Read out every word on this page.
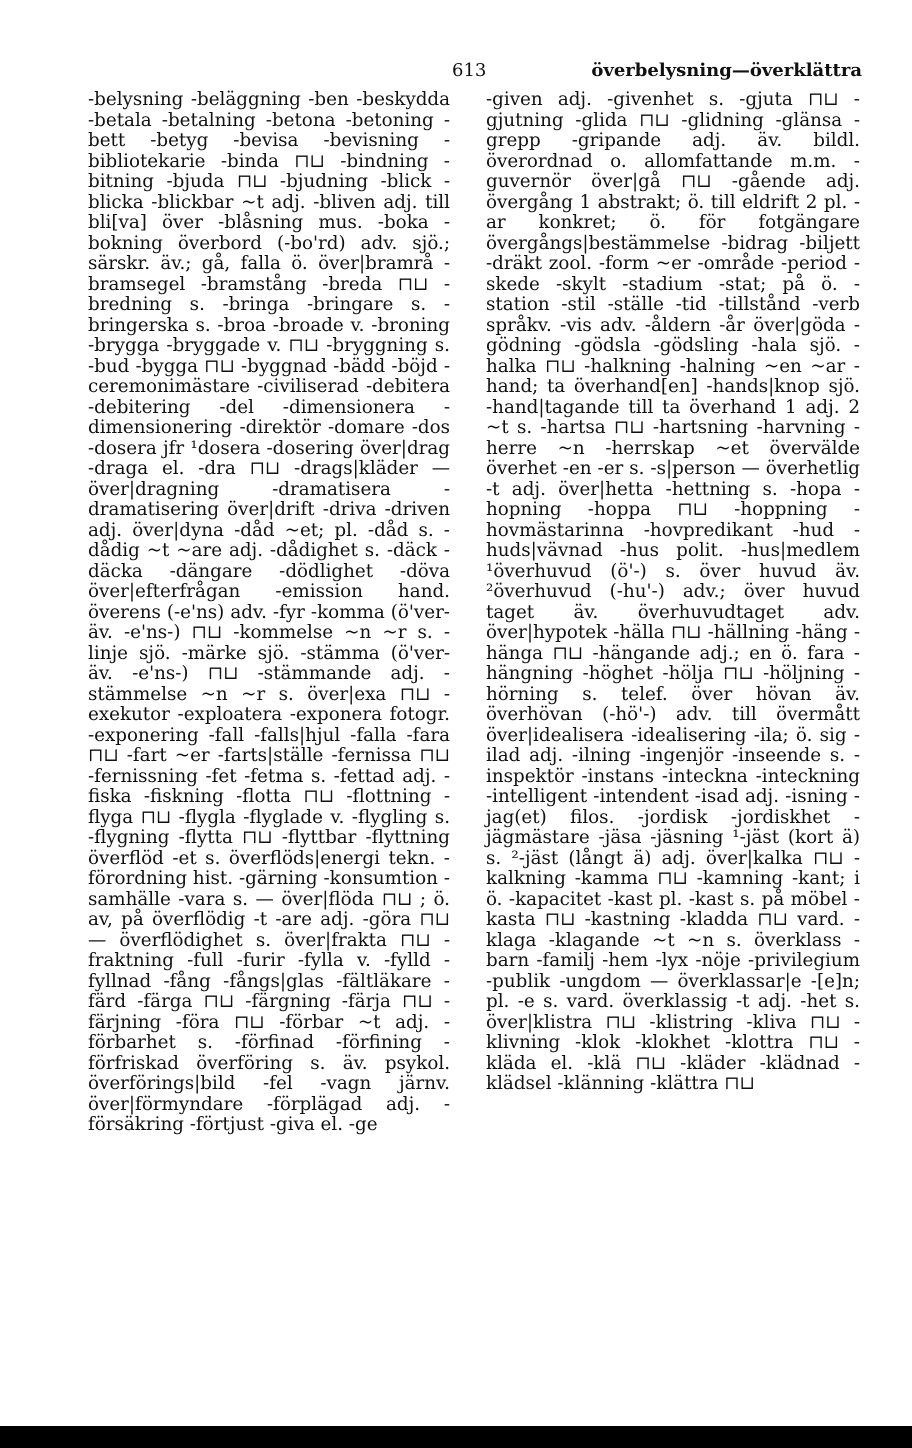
613	överbelysning—överklättra

-belysning -beläggning -ben -beskydda -betala -betalning -betona -betoning -bett -betyg -bevisa -bevisning -bibliotekarie -binda ⊓⊔ -bindning -bitning -bjuda ⊓⊔ -bjudning -blick -blicka -blickbar ~t adj. -bliven adj. till bli[va] över -blåsning mus. -boka -bokning överbord (-bo'rd) adv. sjö.; särskr. äv.; gå, falla ö. över|bramrå -bramsegel -bramstång -breda ⊓⊔ -bredning s. -bringa -bringare s. -bringerska s. -broa -broade v. -broning -brygga -bryggade v. ⊓⊔ -bryggning s. -bud -bygga ⊓⊔ -byggnad -bädd -böjd -ceremonimästare -civiliserad -debitera -debitering -del -dimensionera -dimensionering -direktör -domare -dos -dosera jfr ¹dosera -dosering över|drag -draga el. -dra ⊓⊔ -drags|kläder — över|dragning -dramatisera -dramatisering över|drift -driva -driven adj. över|dyna -dåd ~et; pl. -dåd s. -dådig ~t ~are adj. -dådighet s. -däck -däcka -dängare -dödlighet -döva över|efterfrågan -emission hand. överens (-e'ns) adv. -fyr -komma (ö'ver- äv. -e'ns-) ⊓⊔ -kommelse ~n ~r s. -linje sjö. -märke sjö. -stämma (ö'ver- äv. -e'ns-) ⊓⊔ -stämmande adj. -stämmelse ~n ~r s. över|exa ⊓⊔ -exekutor -exploatera -exponera fotogr. -exponering -fall -falls|hjul -falla -fara ⊓⊔ -fart ~er -farts|ställe -fernissa ⊓⊔ -fernissning -fet -fetma s. -fettad adj. -fiska -fiskning -flotta ⊓⊔ -flottning -flyga ⊓⊔ -flygla -flyglade v. -flygling s. -flygning -flytta ⊓⊔ -flyttbar -flyttning överflöd -et s. överflöds|energi tekn. -förordning hist. -gärning -konsumtion -samhälle -vara s. — över|flöda ⊓⊔ ; ö. av, på överflödig -t -are adj. -göra ⊓⊔ — överflödighet s. över|frakta ⊓⊔ -fraktning -full -furir -fylla v. -fylld -fyllnad -fång -fångs|glas -fältläkare -färd -färga ⊓⊔ -färgning -färja ⊓⊔ -färjning -föra ⊓⊔ -förbar ~t adj. -förbarhet s. -förfinad -förfining -förfriskad överföring s. äv. psykol. överförings|bild -fel -vagn järnv. över|förmyndare -förplägad adj. -försäkring -förtjust -giva el. -ge

-given adj. -givenhet s. -gjuta ⊓⊔ -gjutning -glida ⊓⊔ -glidning -glänsa -grepp -gripande adj. äv. bildl. överordnad o. allomfattande m.m. -guvernör över|gå ⊓⊔ -gående adj. övergång 1 abstrakt; ö. till eldrift 2 pl. -ar konkret; ö. för fotgängare övergångs|bestämmelse -bidrag -biljett -dräkt zool. -form ~er -område -period -skede -skylt -stadium -stat; på ö. -station -stil -ställe -tid -tillstånd -verb språkv. -vis adv. -åldern -år över|göda -gödning -gödsla -gödsling -hala sjö. -halka ⊓⊔ -halkning -halning ~en ~ar -hand; ta överhand[en] -hands|knop sjö. -hand|tagande till ta överhand 1 adj. 2 ~t s. -hartsa ⊓⊔ -hartsning -harvning -herre ~n -herrskap ~et övervälde överhet -en -er s. -s|person — överhetlig -t adj. över|hetta -hettning s. -hopa -hopning -hoppa ⊓⊔ -hoppning -hovmästarinna -hovpredikant -hud -huds|vävnad -hus polit. -hus|medlem ¹överhuvud (ö'-) s. över huvud äv. ²överhuvud (-hu'-) adv.; över huvud taget äv. överhuvudtaget adv. över|hypotek -hälla ⊓⊔ -hällning -häng -hänga ⊓⊔ -hängande adj.; en ö. fara -hängning -höghet -hölja ⊓⊔ -höljning -hörning s. telef. över hövan äv. överhövan (-hö'-) adv. till övermått över|idealisera -idealisering -ila; ö. sig -ilad adj. -ilning -ingenjör -inseende s. -inspektör -instans -inteckna -inteckning -intelligent -intendent -isad adj. -isning -jag(et) filos. -jordisk -jordiskhet -jägmästare -jäsa -jäsning ¹-jäst (kort ä) s. ²-jäst (långt ä) adj. över|kalka ⊓⊔ -kalkning -kamma ⊓⊔ -kamning -kant; i ö. -kapacitet -kast pl. -kast s. på möbel -kasta ⊓⊔ -kastning -kladda ⊓⊔ vard. -klaga -klagande ~t ~n s. överklass -barn -familj -hem -lyx -nöje -privilegium -publik -ungdom — överklassar|e -[e]n; pl. -e s. vard. överklassig -t adj. -het s. över|klistra ⊓⊔ -klistring -kliva ⊓⊔ -klivning -klok -klokhet -klottra ⊓⊔ -kläda el. -klä ⊓⊔ -kläder -klädnad -klädsel -klänning -klättra ⊓⊔
